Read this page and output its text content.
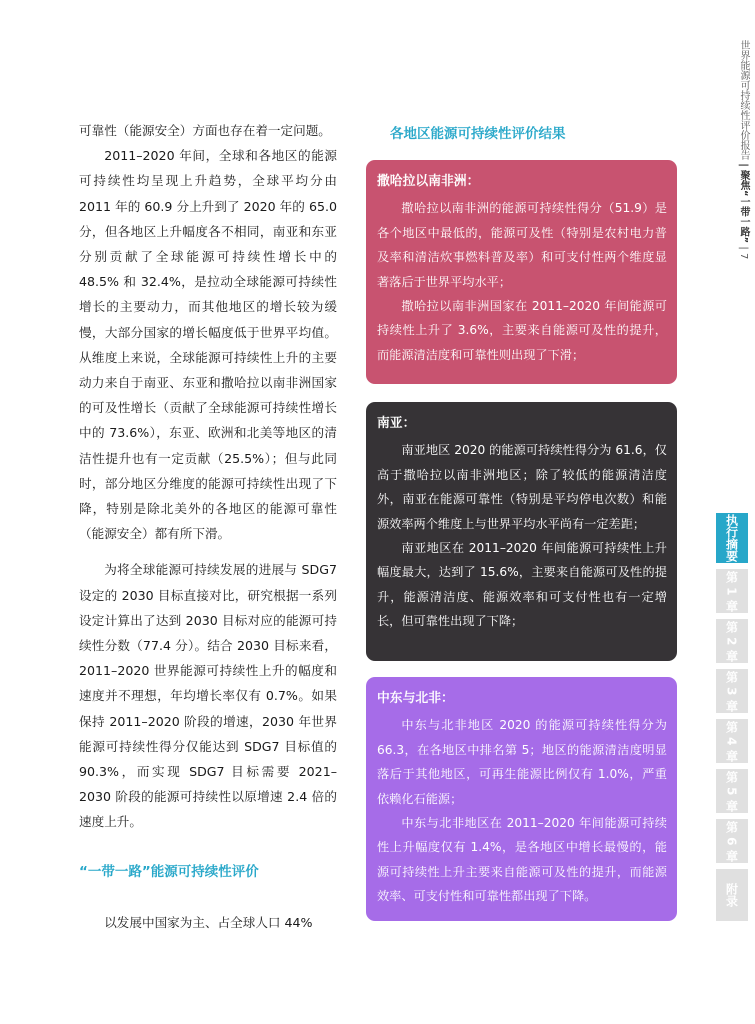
可靠性（能源安全）方面也存在着一定问题。

2011–2020 年间，全球和各地区的能源可持续性均呈现上升趋势，全球平均分由 2011 年的 60.9 分上升到了 2020 年的 65.0 分，但各地区上升幅度各不相同，南亚和东亚分别贡献了全球能源可持续性增长中的 48.5% 和 32.4%，是拉动全球能源可持续性增长的主要动力，而其他地区的增长较为缓慢，大部分国家的增长幅度低于世界平均值。从维度上来说，全球能源可持续性上升的主要动力来自于南亚、东亚和撒哈拉以南非洲国家的可及性增长（贡献了全球能源可持续性增长中的 73.6%），东亚、欧洲和北美等地区的清洁性提升也有一定贡献（25.5%）；但与此同时，部分地区分维度的能源可持续性出现了下降，特别是除北美外的各地区的能源可靠性（能源安全）都有所下滑。

为将全球能源可持续发展的进展与 SDG7 设定的 2030 目标直接对比，研究根据一系列设定计算出了达到 2030 目标对应的能源可持续性分数（77.4 分）。结合 2030 目标来看，2011–2020 世界能源可持续性上升的幅度和速度并不理想，年均增长率仅有 0.7%。如果保持 2011–2020 阶段的增速，2030 年世界能源可持续性得分仅能达到 SDG7 目标值的 90.3%，而实现 SDG7 目标需要 2021–2030 阶段的能源可持续性以原增速 2.4 倍的速度上升。

“一带一路”能源可持续性评价

以发展中国家为主、占全球人口 44%

各地区能源可持续性评价结果
撒哈拉以南非洲：

撒哈拉以南非洲的能源可持续性得分（51.9）是各个地区中最低的，能源可及性（特别是农村电力普及率和清洁炊事燃料普及率）和可支付性两个维度显著落后于世界平均水平；

撒哈拉以南非洲国家在 2011–2020 年间能源可持续性上升了 3.6%，主要来自能源可及性的提升，而能源清洁度和可靠性则出现了下滑；

南亚：

南亚地区 2020 的能源可持续性得分为 61.6，仅高于撒哈拉以南非洲地区；除了较低的能源清洁度外，南亚在能源可靠性（特别是平均停电次数）和能源效率两个维度上与世界平均水平尚有一定差距；

南亚地区在 2011–2020 年间能源可持续性上升幅度最大，达到了 15.6%，主要来自能源可及性的提升，能源清洁度、能源效率和可支付性也有一定增长，但可靠性出现了下降；

中东与北非：

中东与北非地区 2020 的能源可持续性得分为 66.3，在各地区中排名第 5；地区的能源清洁度明显落后于其他地区，可再生能源比例仅有 1.0%，严重依赖化石能源；

中东与北非地区在 2011–2020 年间能源可持续性上升幅度仅有 1.4%，是各地区中增长最慢的，能源可持续性上升主要来自能源可及性的提升，而能源效率、可支付性和可靠性都出现了下降。

世界能源可持续性评价报告 | 聚焦“一带一路” | 7
执行摘要
第 1 章
第 2 章
第 3 章
第 4 章
第 5 章
第 6 章
附录
